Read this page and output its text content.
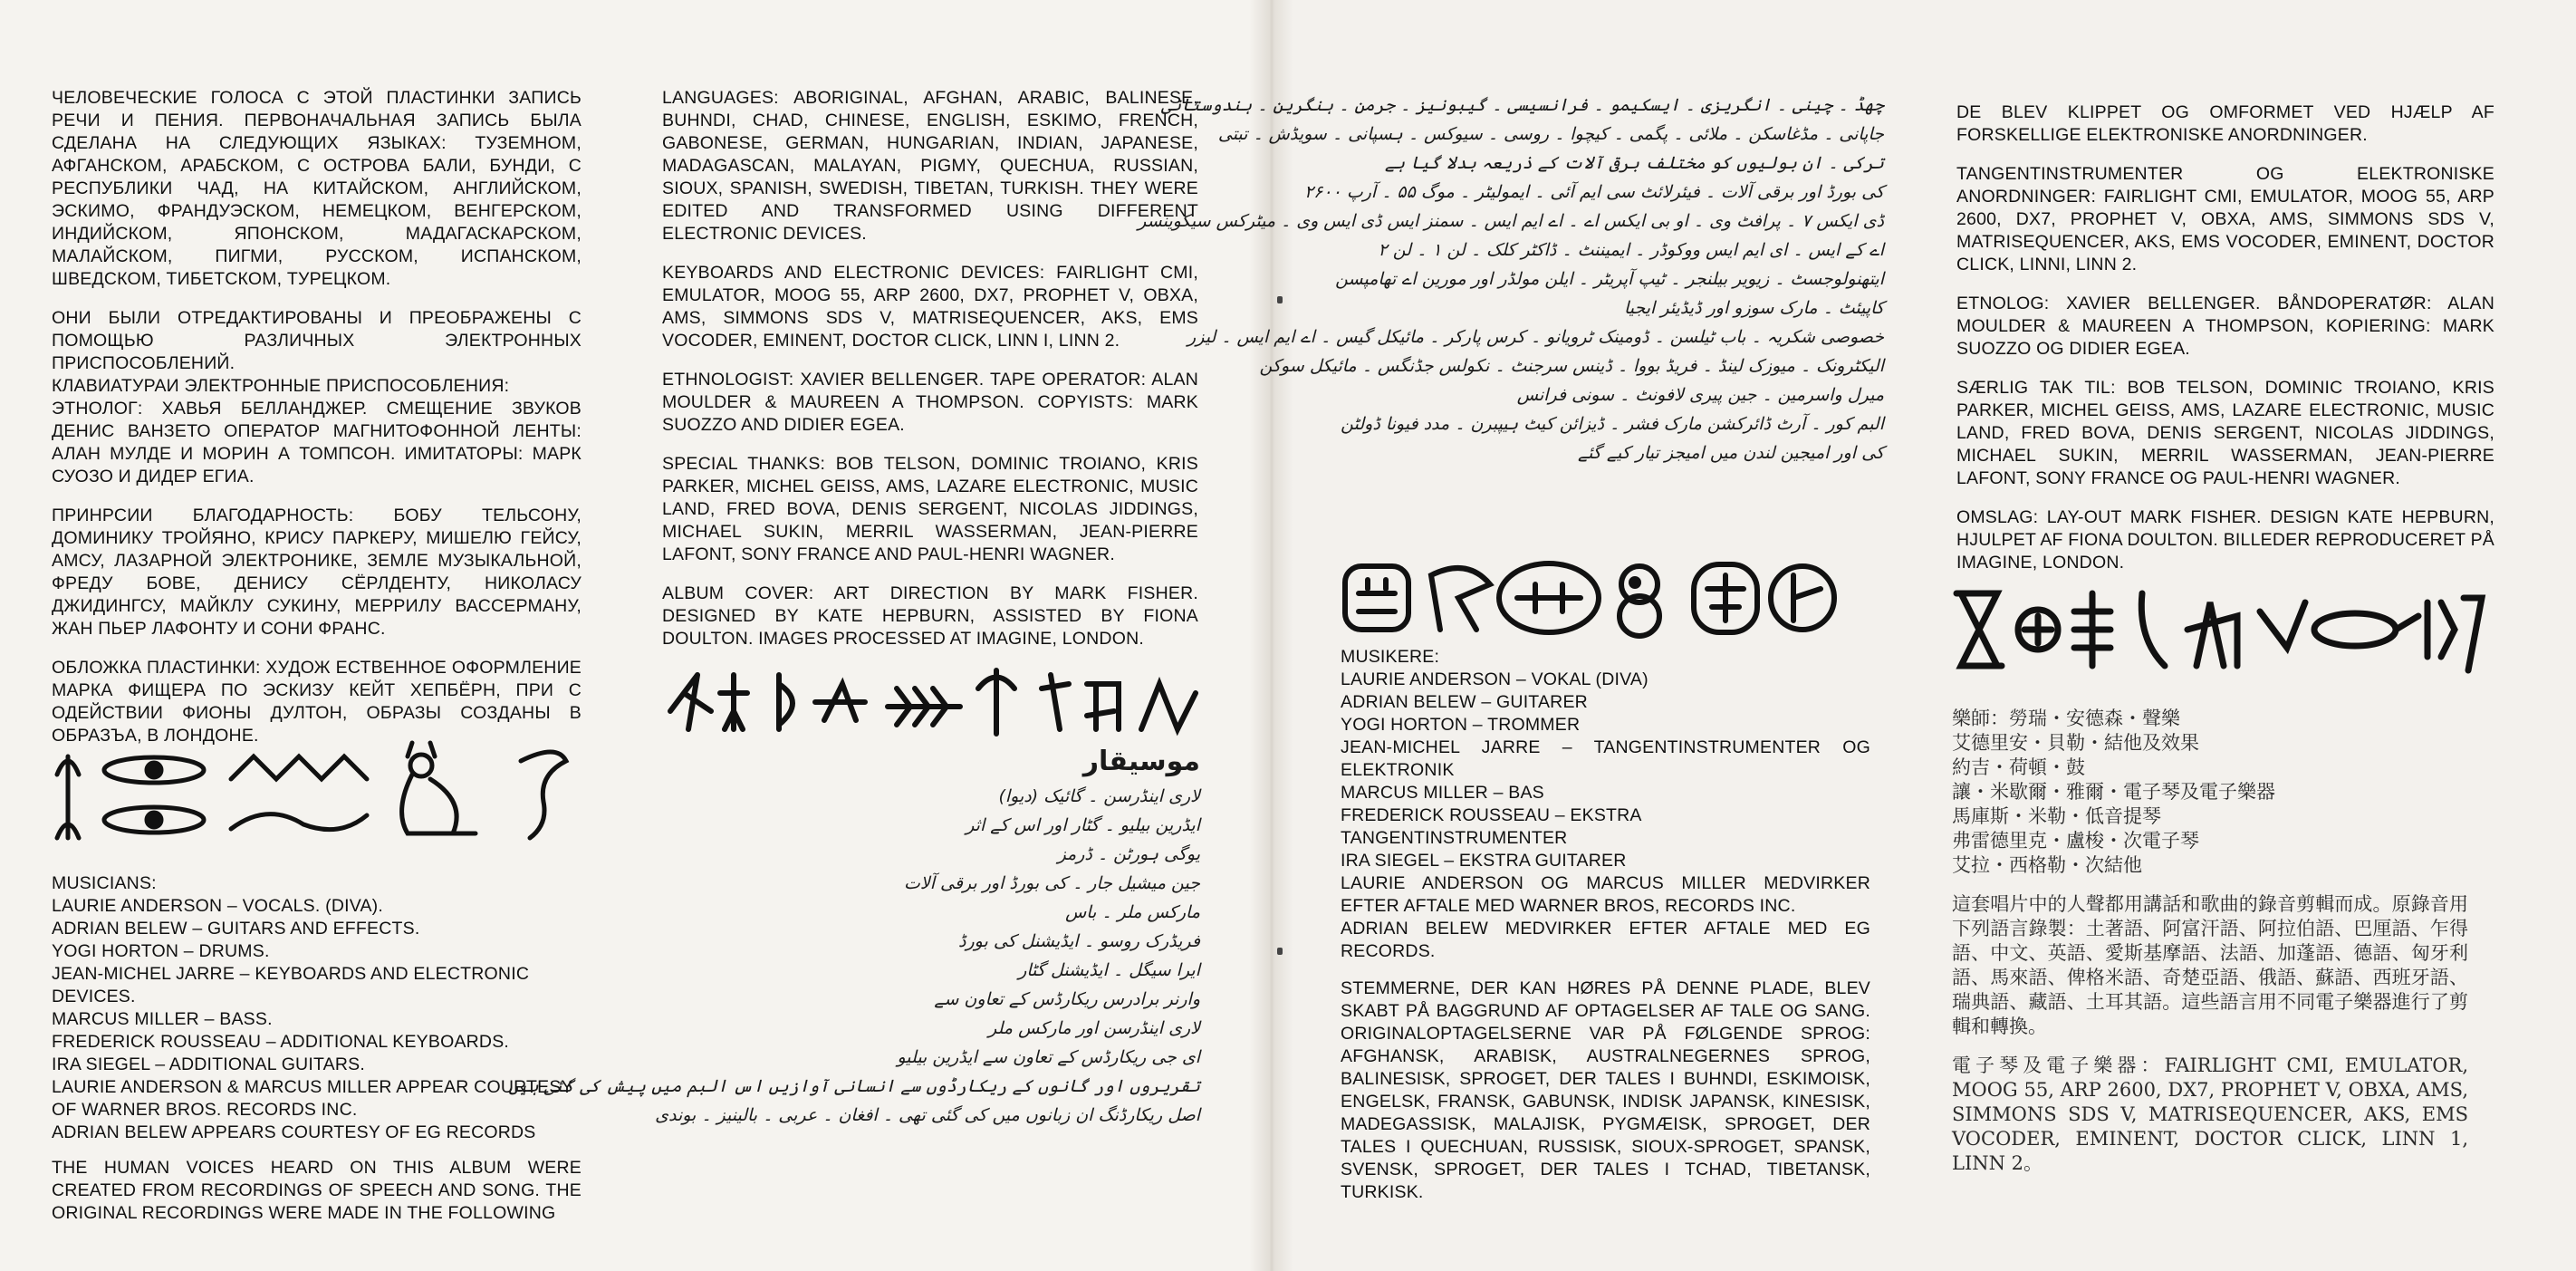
ЧЕЛОВЕЧЕСКИЕ ГОЛОСА С ЭТОЙ ПЛАСТИНКИ ЗАПИСЬ РЕЧИ И ПЕНИЯ. ПЕРВОНАЧАЛЬНАЯ ЗАПИСЬ БЫЛА СДЕЛАНА НА СЛЕДУЮЩИХ ЯЗЫКАХ: ТУЗЕМНОМ, АФГАНСКОМ, АРАБСКОМ, С ОСТРОВА БАЛИ, БУНДИ, С РЕСПУБЛИКИ ЧАД, НА КИТАЙСКОМ, АНГЛИЙСКОМ, ЭСКИМО, ФРАНДУЭСКОМ, НЕМЕЦКОМ, ВЕНГЕРСКОМ, ИНДИЙСКОМ, ЯПОНСКОМ, МАДАГАСКАРСКОМ, МАЛАЙСКОМ, ПИГМИ, РУССКОМ, ИСПАНСКОМ, ШВЕДСКОМ, ТИБЕТСКОМ, ТУРЕЦКОМ.

ОНИ БЫЛИ ОТРЕДАКТИРОВАНЫ И ПРЕОБРАЖЕНЫ С ПОМОЩЬЮ РАЗЛИЧНЫХ ЭЛЕКТРОННЫХ ПРИСПОСОБЛЕНИЙ.

КЛАВИАТУРАИ ЭЛЕКТРОННЫЕ ПРИСПОСОБЛЕНИЯ:

ЭТНОЛОГ: ХАВЬЯ БЕЛЛАНДЖЕР. СМЕЩЕНИЕ ЗВУКОВ ДЕНИС ВАНЗЕТО ОПЕРАТОР МАГНИТОФОННОЙ ЛЕНТЫ: АЛАН МУЛДЕ И МОРИН А ТОМПСОН. ИМИТАТОРЫ: МАРК СУОЗО И ДИДЕР ЕГИА.

ПРИНРСИИ БЛАГОДАРНОСТЬ: БОБУ ТЕЛЬСОНУ, ДОМИНИКУ ТРОЙЯНО, КРИСУ ПАРКЕРУ, МИШЕЛЮ ГЕЙСУ, АМСУ, ЛАЗАРНОЙ ЭЛЕКТРОНИКЕ, ЗЕМЛЕ МУЗЫКАЛЬНОЙ, ФРЕДУ БОВЕ, ДЕНИСУ СЁРЛДЕНТУ, НИКОЛАСУ ДЖИДИНГСУ, МАЙКЛУ СУКИНУ, МЕРРИЛУ ВАССЕРМАНУ, ЖАН ПЬЕР ЛАФОНТУ И СОНИ ФРАНС.

ОБЛОЖКА ПЛАСТИНКИ: ХУДОЖ ЕСТВЕННОЕ ОФОРМЛЕНИЕ МАРКА ФИЩЕРА ПО ЭСКИЗУ КЕЙТ ХЕПБЁРН, ПРИ С ОДЕЙСТВИИ ФИОНЫ ДУЛТОН, ОБРАЗЫ СОЗДАНЫ В ОБРАЗЪА, В ЛОНДОНЕ.

MUSICIANS:
LAURIE ANDERSON – VOCALS. (DIVA).
ADRIAN BELEW – GUITARS AND EFFECTS.
YOGI HORTON – DRUMS.
JEAN-MICHEL JARRE – KEYBOARDS AND ELECTRONIC DEVICES.
MARCUS MILLER – BASS.
FREDERICK ROUSSEAU – ADDITIONAL KEYBOARDS.
IRA SIEGEL – ADDITIONAL GUITARS.
LAURIE ANDERSON & MARCUS MILLER APPEAR COURTESY OF WARNER BROS. RECORDS INC.
ADRIAN BELEW APPEARS COURTESY OF EG RECORDS

THE HUMAN VOICES HEARD ON THIS ALBUM WERE CREATED FROM RECORDINGS OF SPEECH AND SONG. THE ORIGINAL RECORDINGS WERE MADE IN THE FOLLOWING

LANGUAGES: ABORIGINAL, AFGHAN, ARABIC, BALINESE, BUHNDI, CHAD, CHINESE, ENGLISH, ESKIMO, FRENCH, GABONESE, GERMAN, HUNGARIAN, INDIAN, JAPANESE, MADAGASCAN, MALAYAN, PIGMY, QUECHUA, RUSSIAN, SIOUX, SPANISH, SWEDISH, TIBETAN, TURKISH. THEY WERE EDITED AND TRANSFORMED USING DIFFERENT ELECTRONIC DEVICES.

KEYBOARDS AND ELECTRONIC DEVICES: FAIRLIGHT CMI, EMULATOR, MOOG 55, ARP 2600, DX7, PROPHET V, OBXA, AMS, SIMMONS SDS V, MATRISEQUENCER, AKS, EMS VOCODER, EMINENT, DOCTOR CLICK, LINN I, LINN 2.

ETHNOLOGIST: XAVIER BELLENGER. TAPE OPERATOR: ALAN MOULDER & MAUREEN A THOMPSON. COPYISTS: MARK SUOZZO AND DIDIER EGEA.

SPECIAL THANKS: BOB TELSON, DOMINIC TROIANO, KRIS PARKER, MICHEL GEISS, AMS, LAZARE ELECTRONIC, MUSIC LAND, FRED BOVA, DENIS SERGENT, NICOLAS JIDDINGS, MICHAEL SUKIN, MERRIL WASSERMAN, JEAN-PIERRE LAFONT, SONY FRANCE AND PAUL-HENRI WAGNER.

ALBUM COVER: ART DIRECTION BY MARK FISHER. DESIGNED BY KATE HEPBURN, ASSISTED BY FIONA DOULTON. IMAGES PROCESSED AT IMAGINE, LONDON.

موسیقار
لاری اینڈرسن ۔ گائیک (دیوا)
ایڈرین بیلیو ۔ گٹار اور اس کے اثر
یوگی ہورٹن ۔ ڈرمز
جین میشیل جار ۔ کی بورڈ اور برقی آلات
مارکس ملر ۔ باس
فریڈرک روسو ۔ ایڈیشنل کی بورڈ
ایرا سیگل ۔ ایڈیشنل گٹار
وارنر برادرس ریکارڈس کے تعاون سے
لاری اینڈرسن اور مارکس ملر
ای جی ریکارڈس کے تعاون سے ایڈرین بیلیو
تقریروں اور گانوں کے ریکارڈوں سے انسانی آوازیں اس البم میں پیش کی گئی ہیں
اصل ریکارڈنگ ان زبانوں میں کی گئی تھی ۔ افغان ۔ عربی ۔ بالینیز ۔ بوندی
چھڈ ۔ چینی ۔ انگریزی ۔ ایسکیمو ۔ فرانسیسی ۔ گیبونیز ۔ جرمن ۔ ہنگرین ۔ ہندوستانی
جاپانی ۔ مڈغاسکن ۔ ملائی ۔ پگمی ۔ کیچوا ۔ روسی ۔ سیوکس ۔ ہسپانی ۔ سویڈش ۔ تبتی
ترکی ۔ ان بولیوں کو مختلف برقی آلات کے ذریعہ بدلا گیا ہے
کی بورڈ اور برقی آلات ۔ فیئرلائٹ سی ایم آئی ۔ ایمولیٹر ۔ موگ ۵۵ ۔ آرپ ۲۶۰۰
ڈی ایکس ۷ ۔ پرافٹ وی ۔ او بی ایکس اے ۔ اے ایم ایس ۔ سمنز ایس ڈی ایس وی ۔ میٹرکس سیکوینسر
اے کے ایس ۔ ای ایم ایس ووکوڈر ۔ ایمیننٹ ۔ ڈاکٹر کلک ۔ لن ۱ ۔ لن ۲
ایتھنولوجسٹ ۔ زیویر بیلنجر ۔ ٹیپ آپریٹر ۔ ایلن مولڈر اور مورین اے تھامپسن
کاپیئٹ ۔ مارک سوزو اور ڈیڈیئر ایجیا
خصوصی شکریہ ۔ باب ٹیلسن ۔ ڈومینک ٹرویانو ۔ کرس پارکر ۔ مائیکل گیس ۔ اے ایم ایس ۔ لیزر
الیکٹرونک ۔ میوزک لینڈ ۔ فریڈ بووا ۔ ڈینس سرجنٹ ۔ نکولس جڈنگس ۔ مائیکل سوکن
میرل واسرمین ۔ جین پیری لافونٹ ۔ سونی فرانس
البم کور ۔ آرٹ ڈائرکشن مارک فشر ۔ ڈیزائن کیٹ ہیپبرن ۔ مدد فیونا ڈولٹن
کی اور امیجین لندن میں امیجز تیار کیے گئے
MUSIKERE:
LAURIE ANDERSON – VOKAL (DIVA)
ADRIAN BELEW – GUITARER
YOGI HORTON – TROMMER
JEAN-MICHEL JARRE – TANGENTINSTRUMENTER OG ELEKTRONIK
MARCUS MILLER – BAS
FREDERICK ROUSSEAU – EKSTRA TANGENTINSTRUMENTER
IRA SIEGEL – EKSTRA GUITARER
LAURIE ANDERSON OG MARCUS MILLER MEDVIRKER EFTER AFTALE MED WARNER BROS, RECORDS INC.
ADRIAN BELEW MEDVIRKER EFTER AFTALE MED EG RECORDS.

STEMMERNE, DER KAN HØRES PÅ DENNE PLADE, BLEV SKABT PÅ BAGGRUND AF OPTAGELSER AF TALE OG SANG. ORIGINALOPTAGELSERNE VAR PÅ FØLGENDE SPROG: AFGHANSK, ARABISK, AUSTRALNEGERNES SPROG, BALINESISK, SPROGET, DER TALES I BUHNDI, ESKIMOISK, ENGELSK, FRANSK, GABUNSK, INDISK JAPANSK, KINESISK, MADEGASSISK, MALAJISK, PYGMÆISK, SPROGET, DER TALES I QUECHUAN, RUSSISK, SIOUX-SPROGET, SPANSK, SVENSK, SPROGET, DER TALES I TCHAD, TIBETANSK, TURKISK.

DE BLEV KLIPPET OG OMFORMET VED HJÆLP AF FORSKELLIGE ELEKTRONISKE ANORDNINGER.

TANGENTINSTRUMENTER OG ELEKTRONISKE ANORDNINGER: FAIRLIGHT CMI, EMULATOR, MOOG 55, ARP 2600, DX7, PROPHET V, OBXA, AMS, SIMMONS SDS V, MATRISEQUENCER, AKS, EMS VOCODER, EMINENT, DOCTOR CLICK, LINNI, LINN 2.

ETNOLOG: XAVIER BELLENGER. BÅNDOPERATØR: ALAN MOULDER & MAUREEN A THOMPSON, KOPIERING: MARK SUOZZO OG DIDIER EGEA.

SÆRLIG TAK TIL: BOB TELSON, DOMINIC TROIANO, KRIS PARKER, MICHEL GEISS, AMS, LAZARE ELECTRONIC, MUSIC LAND, FRED BOVA, DENIS SERGENT, NICOLAS JIDDINGS, MICHAEL SUKIN, MERRIL WASSERMAN, JEAN-PIERRE LAFONT, SONY FRANCE OG PAUL-HENRI WAGNER.

OMSLAG: LAY-OUT MARK FISHER. DESIGN KATE HEPBURN, HJULPET AF FIONA DOULTON. BILLEDER REPRODUCERET PÅ IMAGINE, LONDON.

樂師：勞瑞・安德森・聲樂
艾德里安・貝勒・結他及效果
約吉・荷頓・鼓
讓・米歇爾・雅爾・電子琴及電子樂器
馬庫斯・米勒・低音提琴
弗雷德里克・盧梭・次電子琴
艾拉・西格勒・次結他
這套唱片中的人聲都用講話和歌曲的錄音剪輯而成。原錄音用下列語言錄製：土著語、阿富汗語、阿拉伯語、巴厘語、乍得語、中文、英語、愛斯基摩語、法語、加蓬語、德語、匈牙利語、馬來語、俾格米語、奇楚亞語、俄語、蘇語、西班牙語、瑞典語、藏語、土耳其語。這些語言用不同電子樂器進行了剪輯和轉換。
電子琴及電子樂器：FAIRLIGHT CMI, EMULATOR, MOOG 55, ARP 2600, DX7, PROPHET V, OBXA, AMS, SIMMONS SDS V, MATRISEQUENCER, AKS, EMS VOCODER, EMINENT, DOCTOR CLICK, LINN 1, LINN 2。
